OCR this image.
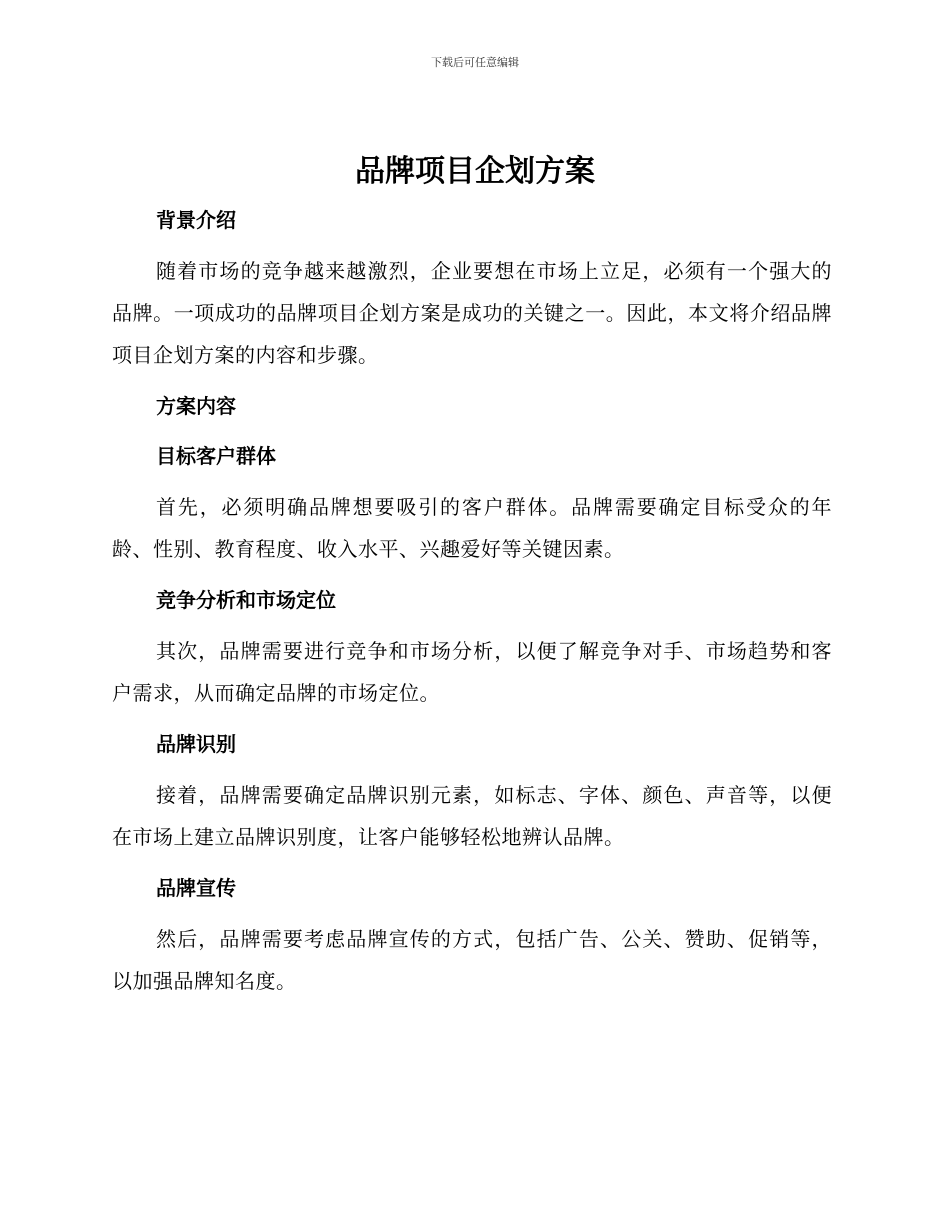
下载后可任意编辑
品牌项目企划方案

背景介绍

随着市场的竞争越来越激烈，企业要想在市场上立足，必须有一个强大的品牌。一项成功的品牌项目企划方案是成功的关键之一。因此，本文将介绍品牌项目企划方案的内容和步骤。

方案内容

目标客户群体

首先，必须明确品牌想要吸引的客户群体。品牌需要确定目标受众的年龄、性别、教育程度、收入水平、兴趣爱好等关键因素。

竞争分析和市场定位

其次，品牌需要进行竞争和市场分析，以便了解竞争对手、市场趋势和客户需求，从而确定品牌的市场定位。

品牌识别

接着，品牌需要确定品牌识别元素，如标志、字体、颜色、声音等，以便在市场上建立品牌识别度，让客户能够轻松地辨认品牌。

品牌宣传

然后，品牌需要考虑品牌宣传的方式，包括广告、公关、赞助、促销等，以加强品牌知名度。
